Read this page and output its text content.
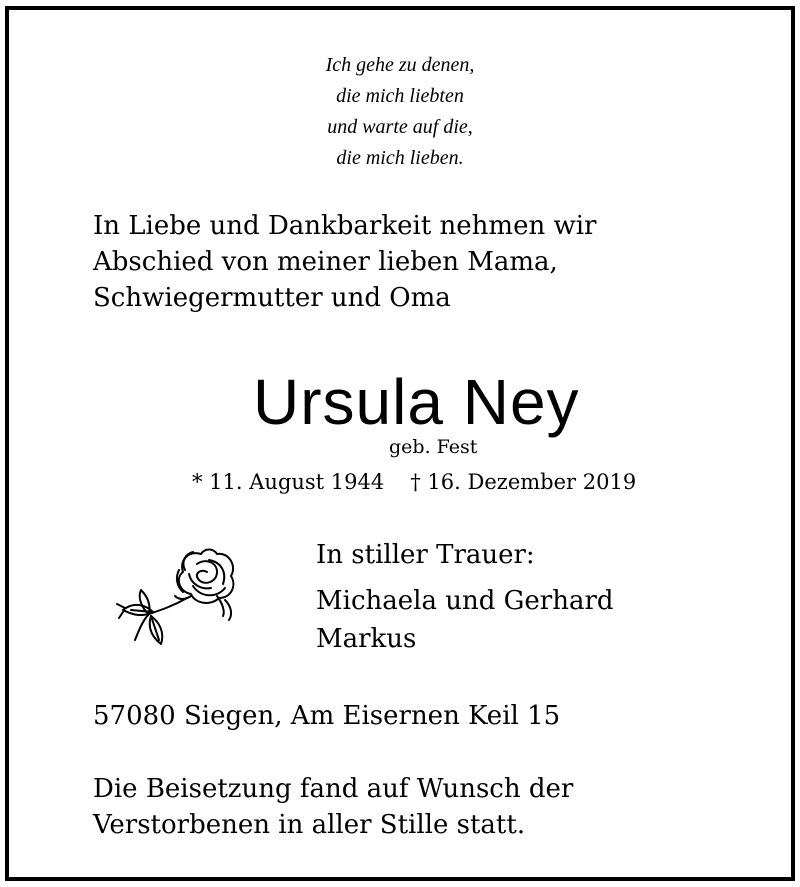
Ich gehe zu denen,
die mich liebten
und warte auf die,
die mich lieben.
In Liebe und Dankbarkeit nehmen wir
Abschied von meiner lieben Mama,
Schwiegermutter und Oma
Ursula Ney
geb. Fest
* 11. August 1944 † 16. Dezember 2019
In stiller Trauer:
Michaela und Gerhard
Markus
57080 Siegen, Am Eisernen Keil 15
Die Beisetzung fand auf Wunsch der
Verstorbenen in aller Stille statt.
